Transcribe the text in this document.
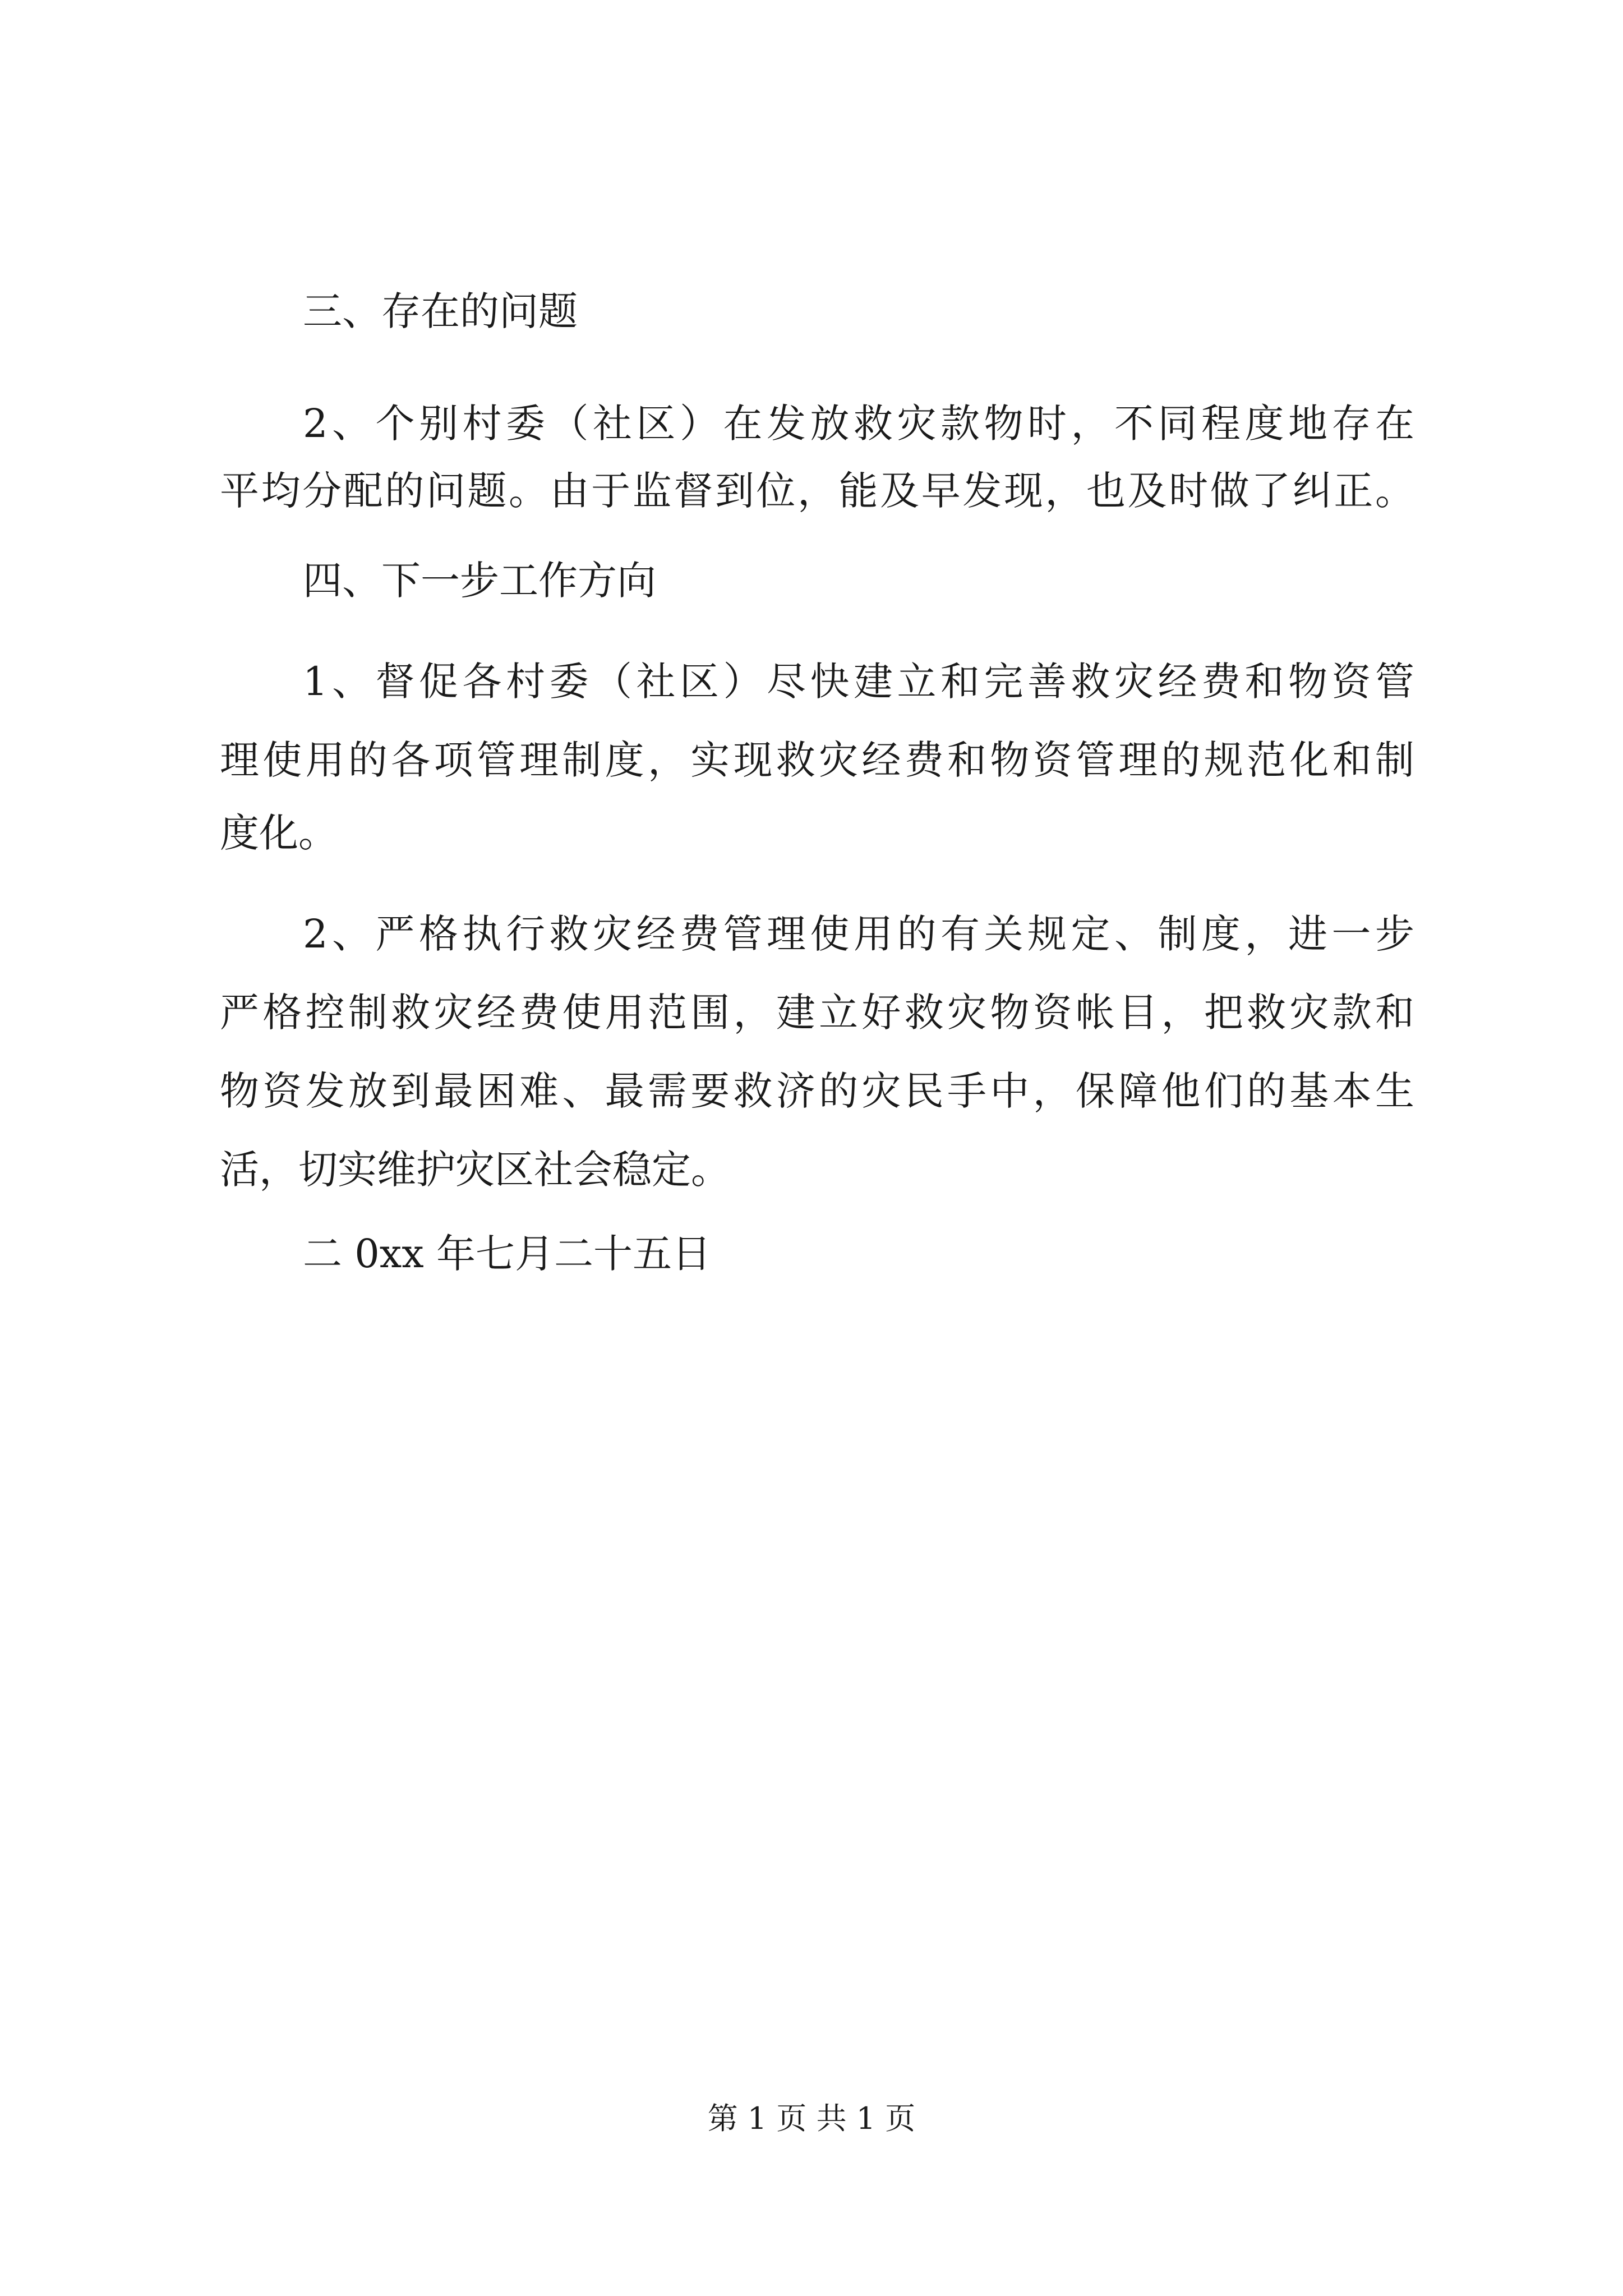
三、存在的问题
2、个别村委（社区）在发放救灾款物时，不同程度地存在
平均分配的问题。由于监督到位，能及早发现，也及时做了纠正。
四、下一步工作方向
1、督促各村委（社区）尽快建立和完善救灾经费和物资管
理使用的各项管理制度，实现救灾经费和物资管理的规范化和制
度化。
2、严格执行救灾经费管理使用的有关规定、制度，进一步
严格控制救灾经费使用范围，建立好救灾物资帐目，把救灾款和
物资发放到最困难、最需要救济的灾民手中，保障他们的基本生
活，切实维护灾区社会稳定。
二 0xx 年七月二十五日
第 1 页 共 1 页
